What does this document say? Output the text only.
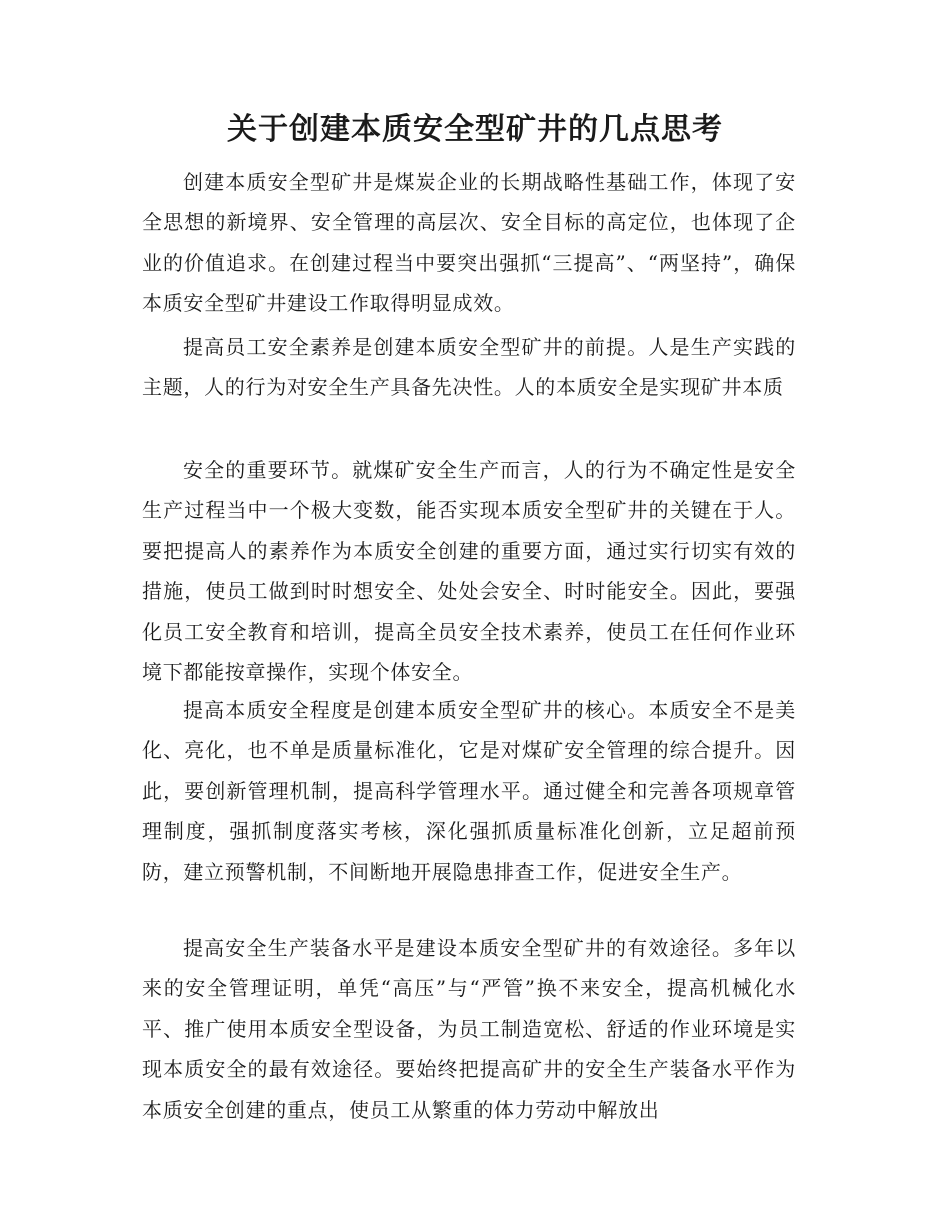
关于创建本质安全型矿井的几点思考

创建本质安全型矿井是煤炭企业的长期战略性基础工作，体现了安全思想的新境界、安全管理的高层次、安全目标的高定位，也体现了企业的价值追求。在创建过程当中要突出强抓“三提高”、“两坚持”，确保本质安全型矿井建设工作取得明显成效。

提高员工安全素养是创建本质安全型矿井的前提。人是生产实践的主题，人的行为对安全生产具备先决性。人的本质安全是实现矿井本质

安全的重要环节。就煤矿安全生产而言，人的行为不确定性是安全生产过程当中一个极大变数，能否实现本质安全型矿井的关键在于人。要把提高人的素养作为本质安全创建的重要方面，通过实行切实有效的措施，使员工做到时时想安全、处处会安全、时时能安全。因此，要强化员工安全教育和培训，提高全员安全技术素养，使员工在任何作业环境下都能按章操作，实现个体安全。

提高本质安全程度是创建本质安全型矿井的核心。本质安全不是美化、亮化，也不单是质量标准化，它是对煤矿安全管理的综合提升。因此，要创新管理机制，提高科学管理水平。通过健全和完善各项规章管理制度，强抓制度落实考核，深化强抓质量标准化创新，立足超前预防，建立预警机制，不间断地开展隐患排查工作，促进安全生产。

提高安全生产装备水平是建设本质安全型矿井的有效途径。多年以来的安全管理证明，单凭“高压”与“严管”换不来安全，提高机械化水平、推广使用本质安全型设备，为员工制造宽松、舒适的作业环境是实现本质安全的最有效途径。要始终把提高矿井的安全生产装备水平作为本质安全创建的重点，使员工从繁重的体力劳动中解放出
